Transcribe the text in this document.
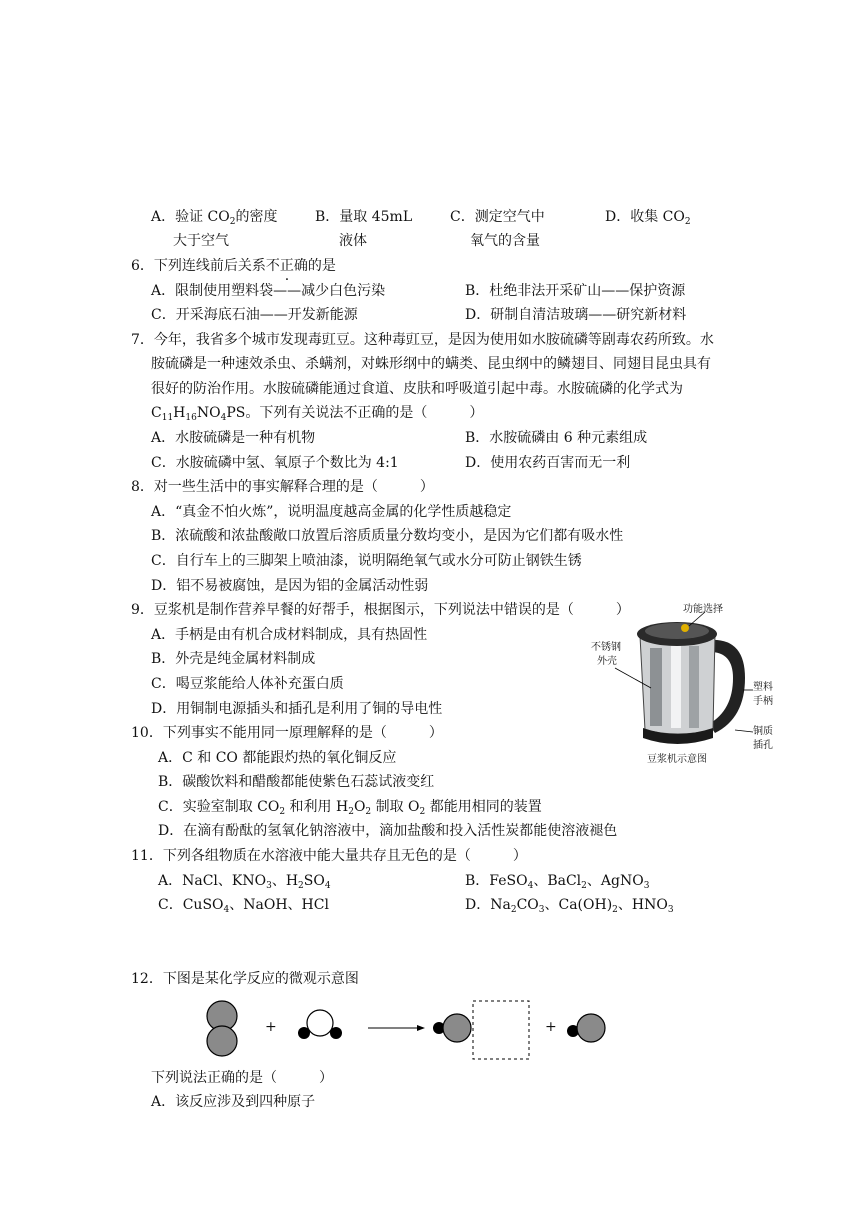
A．验证 $CO_2$的密度
大于空气
B．量取 45mL
液体
C．测定空气中
氧气的含量
D．收集 $CO_2$
6．下列连线前后关系不正确的是
A．限制使用塑料袋——减少白色污染	B．杜绝非法开采矿山——保护资源
C．开采海底石油——开发新能源	D．研制自清洁玻璃——研究新材料
7．今年，我省多个城市发现毒豇豆。这种毒豇豆，是因为使用如水胺硫磷等剧毒农药所致。水
胺硫磷是一种速效杀虫、杀螨剂，对蛛形纲中的螨类、昆虫纲中的鳞翅目、同翅目昆虫具有
很好的防治作用。水胺硫磷能通过食道、皮肤和呼吸道引起中毒。水胺硫磷的化学式为
$C_{11}H_{16}NO_4PS$。下列有关说法不正确的是（　　　）
A．水胺硫磷是一种有机物	B．水胺硫磷由 6 种元素组成
C．水胺硫磷中氢、氧原子个数比为 4:1	D．使用农药百害而无一利
8．对一些生活中的事实解释合理的是（　　　）
A．“真金不怕火炼”，说明温度越高金属的化学性质越稳定
B．浓硫酸和浓盐酸敞口放置后溶质质量分数均变小，是因为它们都有吸水性
C．自行车上的三脚架上喷油漆，说明隔绝氧气或水分可防止钢铁生锈
D．铝不易被腐蚀，是因为铝的金属活动性弱
9．豆浆机是制作营养早餐的好帮手，根据图示，下列说法中错误的是（　　　）
A．手柄是由有机合成材料制成，具有热固性
B．外壳是纯金属材料制成
C．喝豆浆能给人体补充蛋白质
D．用铜制电源插头和插孔是利用了铜的导电性
功能选择
不锈钢
外壳
塑料
手柄
铜质
插孔
豆浆机示意图
10．下列事实不能用同一原理解释的是（　　　）
A．C 和 CO 都能跟灼热的氧化铜反应
B．碳酸饮料和醋酸都能使紫色石蕊试液变红
C．实验室制取 $CO_2$ 和利用 $H_2O_2$ 制取 $O_2$ 都能用相同的装置
D．在滴有酚酞的氢氧化钠溶液中，滴加盐酸和投入活性炭都能使溶液褪色
11．下列各组物质在水溶液中能大量共存且无色的是（　　　）
A．NaCl、$KNO_3$、$H_2SO_4$	B．FeSO$_4$、BaCl$_2$、AgNO$_3$
C．CuSO$_4$、NaOH、HCl	D．$Na_2CO_3$、$Ca(OH)_2$、$HNO_3$
12．下图是某化学反应的微观示意图
+	+
下列说法正确的是（　　　）
A．该反应涉及到四种原子
